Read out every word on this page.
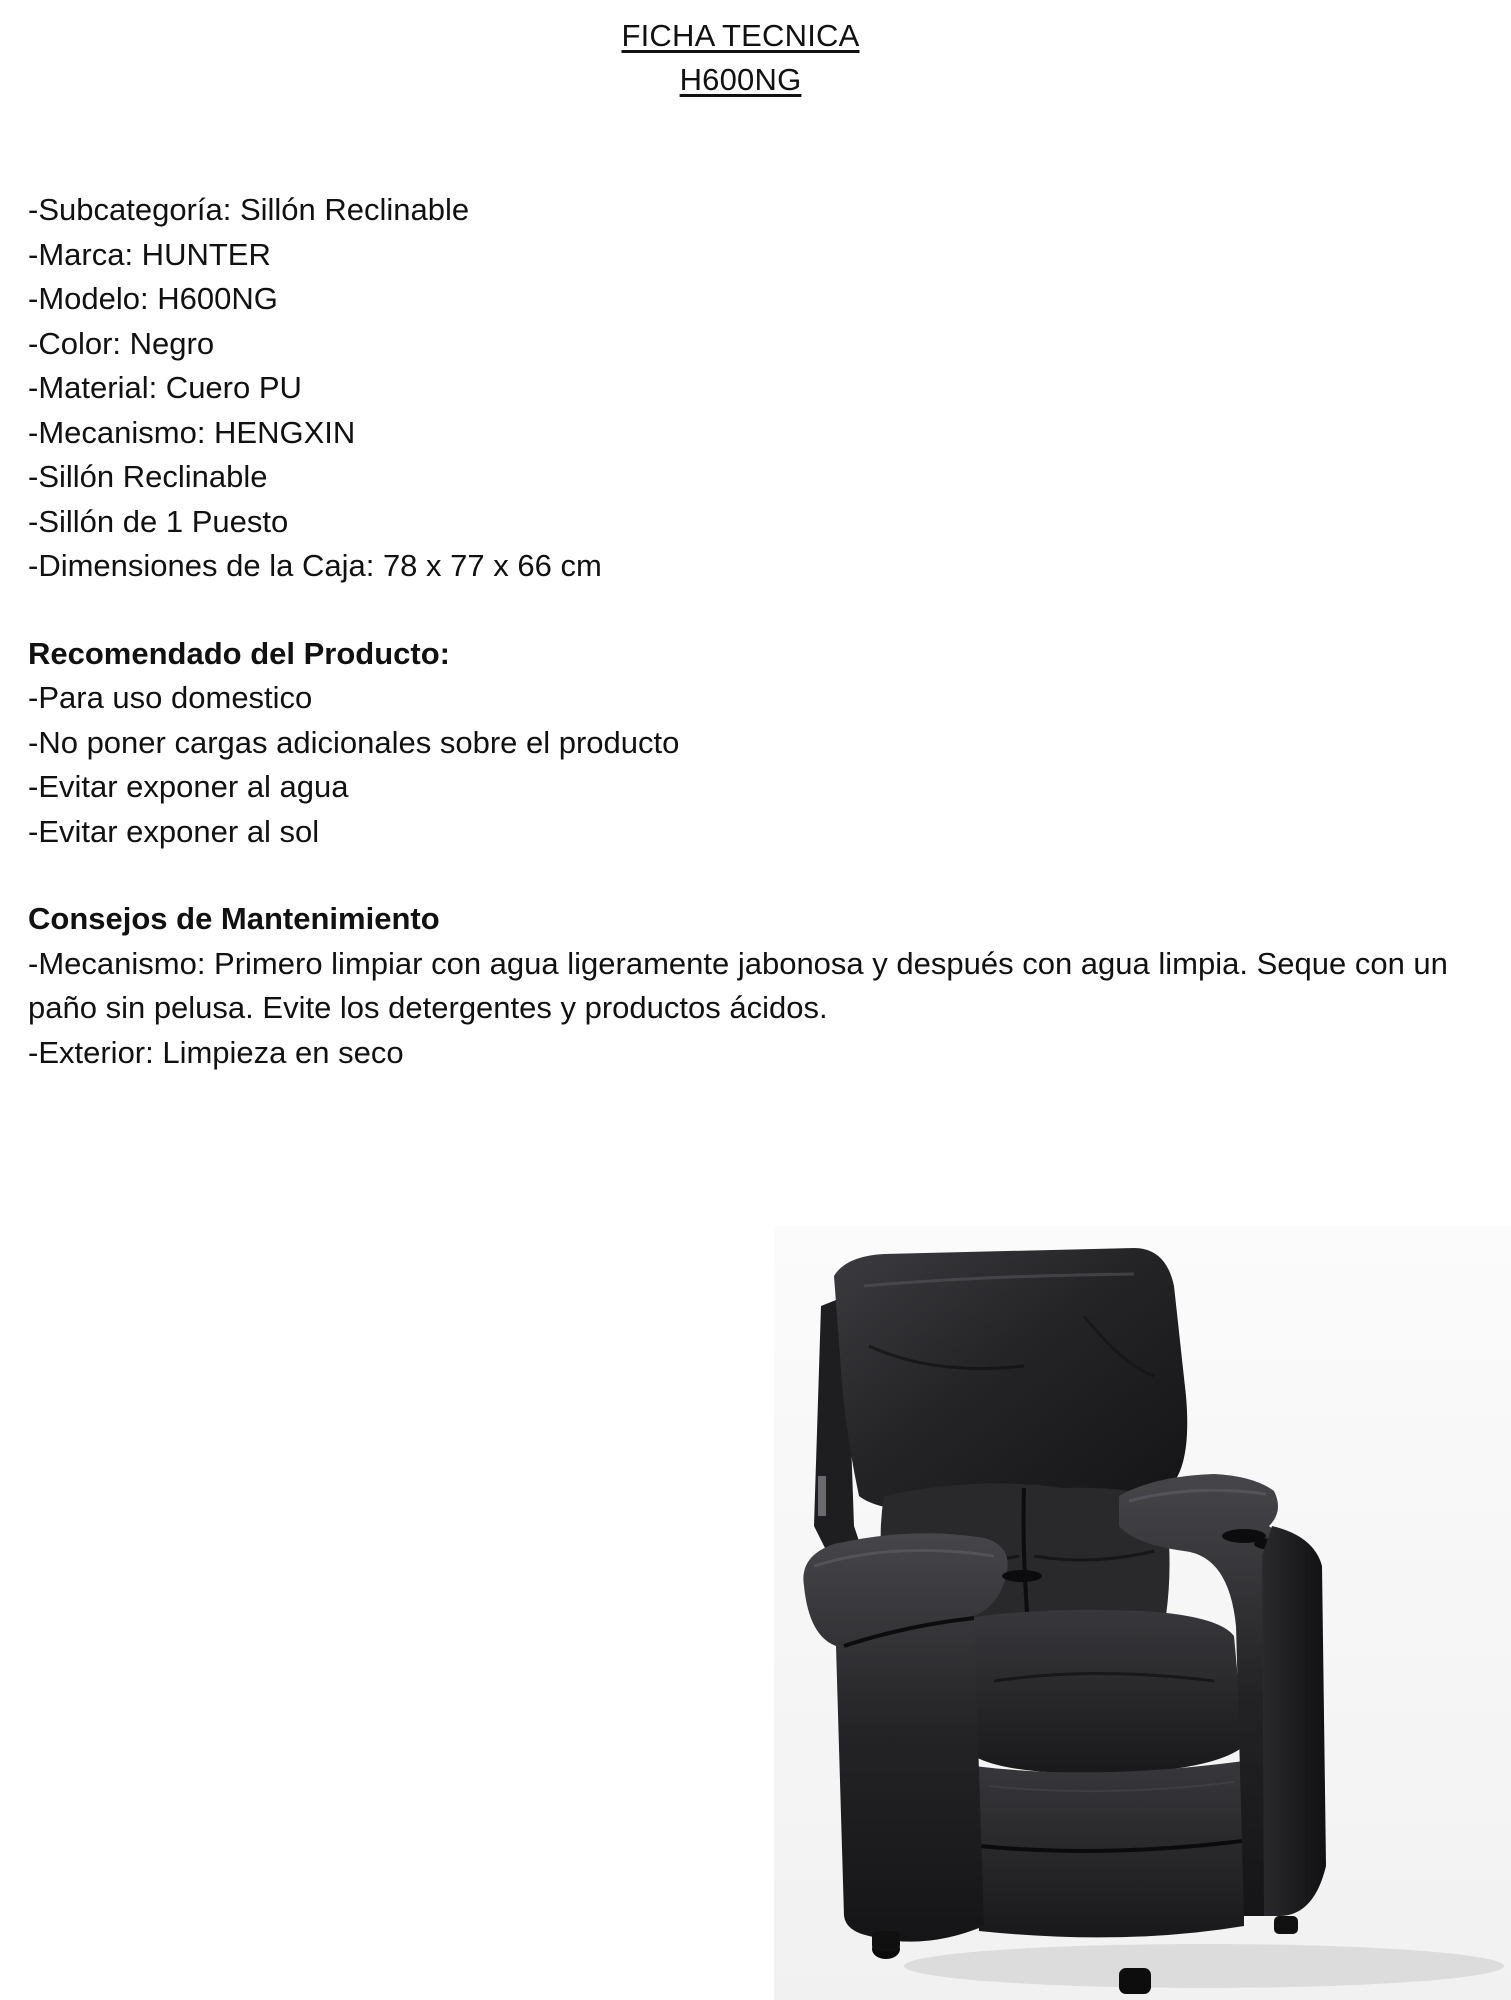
FICHA TECNICA
H600NG
-Subcategoría: Sillón Reclinable
-Marca: HUNTER
-Modelo: H600NG
-Color: Negro
-Material: Cuero PU
-Mecanismo: HENGXIN
-Sillón Reclinable
-Sillón de 1 Puesto
-Dimensiones de la Caja: 78 x 77 x 66 cm
Recomendado del Producto:
-Para uso domestico
-No poner cargas adicionales sobre el producto
-Evitar exponer al agua
-Evitar exponer al sol
Consejos de Mantenimiento
-Mecanismo: Primero limpiar con agua ligeramente jabonosa y después con agua limpia. Seque con un paño sin pelusa. Evite los detergentes y productos ácidos.
-Exterior: Limpieza en seco
